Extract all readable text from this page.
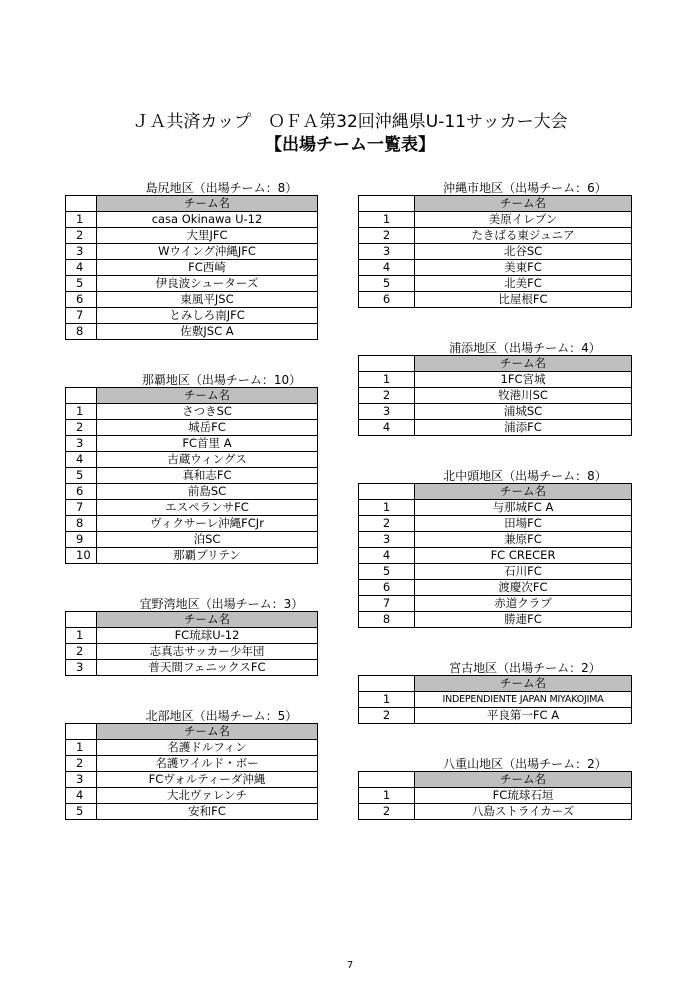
ＪＡ共済カップ　ＯＦＡ第32回沖縄県U-11サッカー大会
【出場チーム一覧表】
島尻地区（出場チーム：8）
	チーム名
1	casa Okinawa U-12
2	大里JFC
3	Wウイング沖縄JFC
4	FC西崎
5	伊良波シューターズ
6	東風平JSC
7	とみしろ南JFC
8	佐敷JSC A
那覇地区（出場チーム：10）
	チーム名
1	さつきSC
2	城岳FC
3	FC首里 A
4	古蔵ウィングス
5	真和志FC
6	前島SC
7	エスペランサFC
8	ヴィクサーレ沖縄FCJr
9	泊SC
10	那覇ブリテン
宜野湾地区（出場チーム：3）
	チーム名
1	FC琉球U-12
2	志真志サッカー少年団
3	普天間フェニックスFC
北部地区（出場チーム：5）
	チーム名
1	名護ドルフィン
2	名護ワイルド・ボー
3	FCヴォルティーダ沖縄
4	大北ヴァレンチ
5	安和FC
沖縄市地区（出場チーム：6）
	チーム名
1	美原イレブン
2	たきばる東ジュニア
3	北谷SC
4	美東FC
5	北美FC
6	比屋根FC
浦添地区（出場チーム：4）
	チーム名
1	1FC宮城
2	牧港川SC
3	浦城SC
4	浦添FC
北中頭地区（出場チーム：8）
	チーム名
1	与那城FC A
2	田場FC
3	兼原FC
4	FC CRECER
5	石川FC
6	渡慶次FC
7	赤道クラブ
8	勝連FC
宮古地区（出場チーム：2）
	チーム名
1	INDEPENDIENTE JAPAN MIYAKOJIMA
2	平良第一FC A
八重山地区（出場チーム：2）
	チーム名
1	FC琉球石垣
2	八島ストライカーズ
7
